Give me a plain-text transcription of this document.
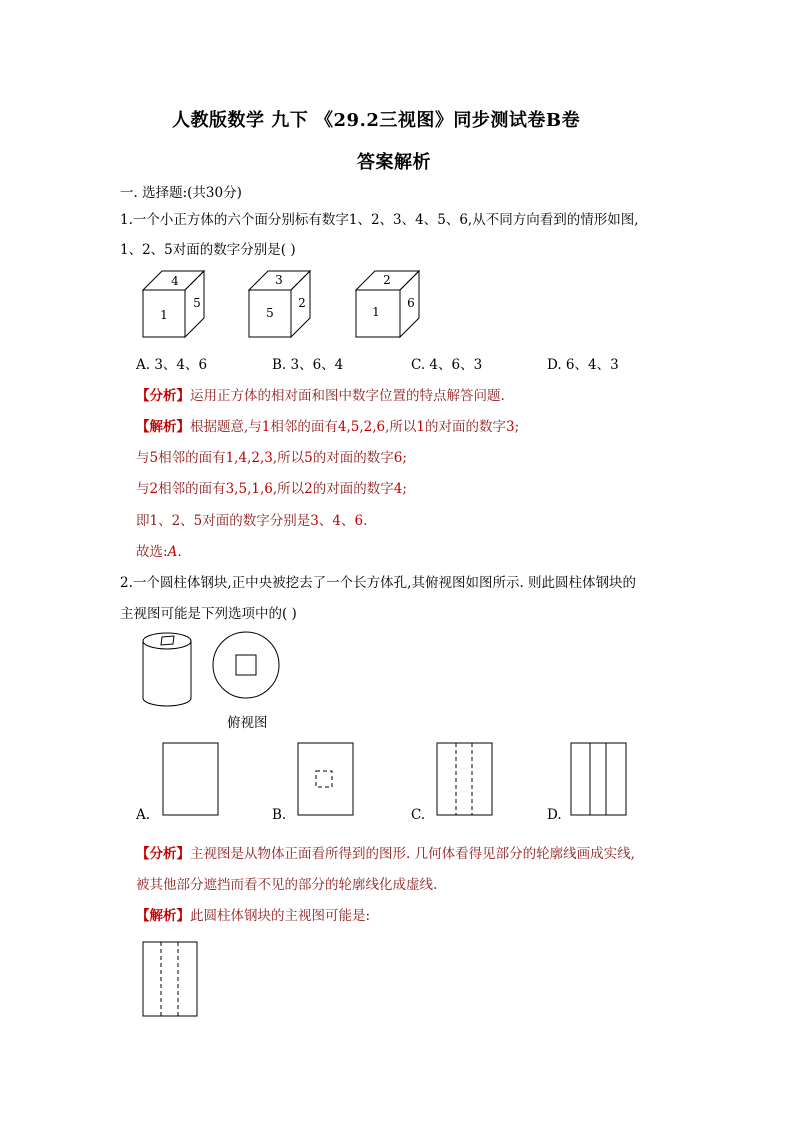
人教版数学 九下 《29.2三视图》同步测试卷B卷
答案解析
一. 选择题:(共30分)
1.一个小正方体的六个面分别标有数字1、2、3、4、5、6,从不同方向看到的情形如图,
1、2、5对面的数字分别是( )
4
5
1
3
2
5
2
6
1
A. 3、4、6	B. 3、6、4	C. 4、6、3	D. 6、4、3
【分析】运用正方体的相对面和图中数字位置的特点解答问题.
【解析】根据题意,与1相邻的面有4,5,2,6,所以1的对面的数字3;
与5相邻的面有1,4,2,3,所以5的对面的数字6;
与2相邻的面有3,5,1,6,所以2的对面的数字4;
即1、2、5对面的数字分别是3、4、6.
故选:A.
2.一个圆柱体钢块,正中央被挖去了一个长方体孔,其俯视图如图所示. 则此圆柱体钢块的
主视图可能是下列选项中的( )
俯视图
A.	B.	C.	D.
【分析】主视图是从物体正面看所得到的图形. 几何体看得见部分的轮廓线画成实线,
被其他部分遮挡而看不见的部分的轮廓线化成虚线.
【解析】此圆柱体钢块的主视图可能是:
